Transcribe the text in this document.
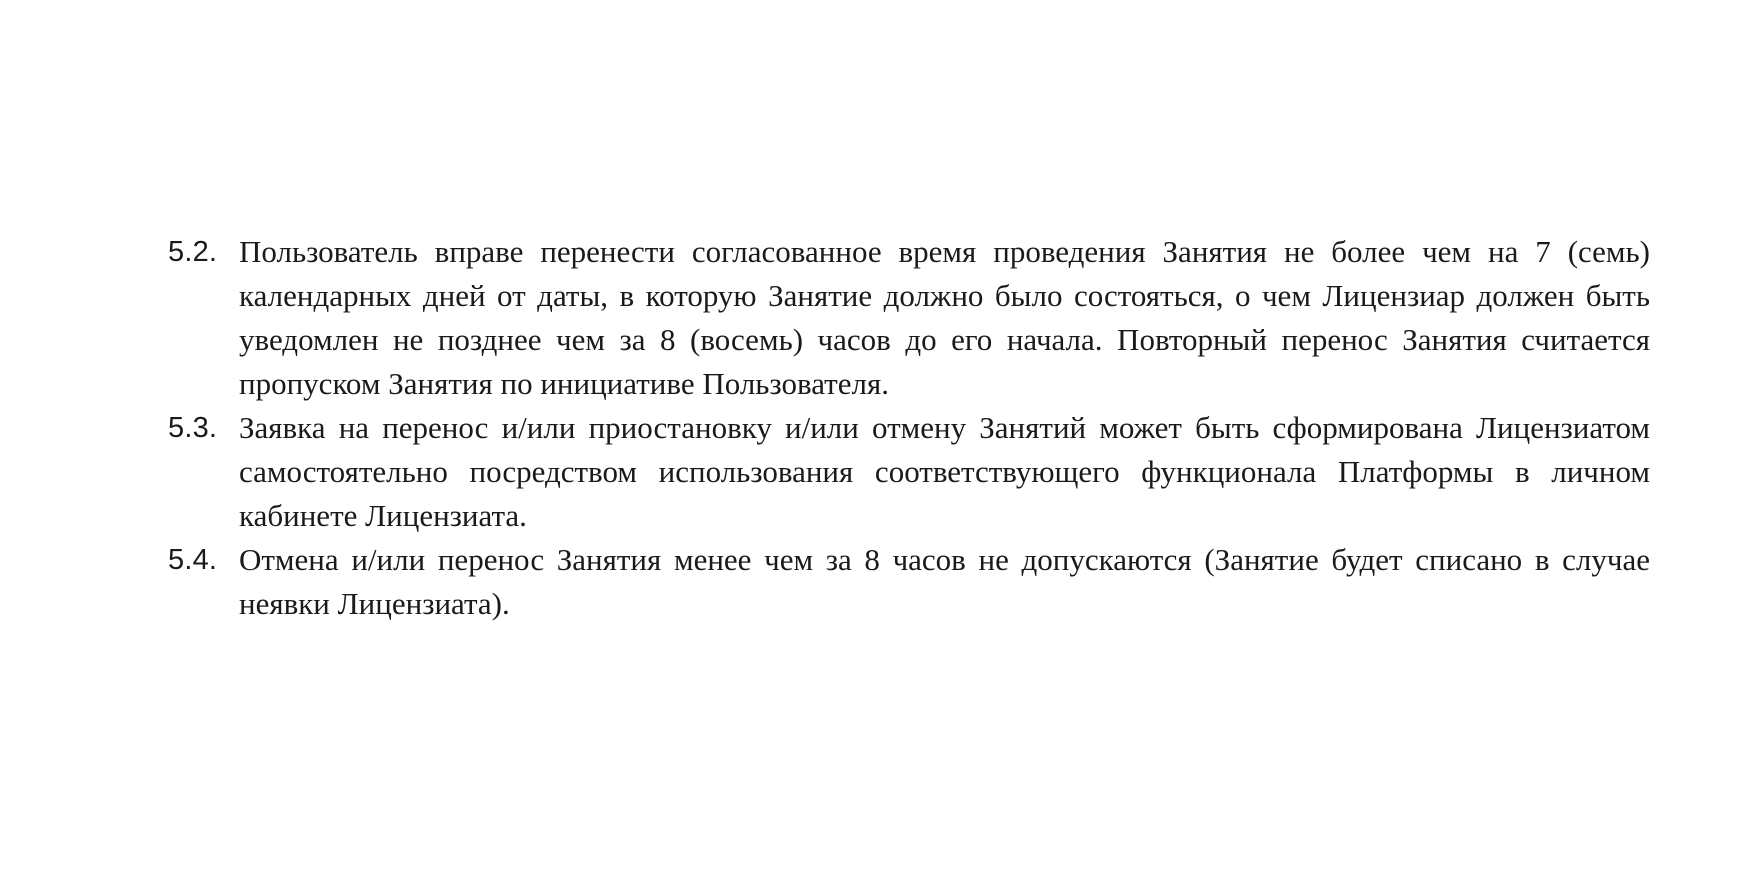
5.2. Пользователь вправе перенести согласованное время проведения Занятия не более чем на 7 (семь) календарных дней от даты, в которую Занятие должно было состояться, о чем Лицензиар должен быть уведомлен не позднее чем за 8 (восемь) часов до его начала. Повторный перенос Занятия считается пропуском Занятия по инициативе Пользователя.
5.3. Заявка на перенос и/или приостановку и/или отмену Занятий может быть сформирована Лицензиатом самостоятельно посредством использования соответствующего функционала Платформы в личном кабинете Лицензиата.
5.4. Отмена и/или перенос Занятия менее чем за 8 часов не допускаются (Занятие будет списано в случае неявки Лицензиата).
